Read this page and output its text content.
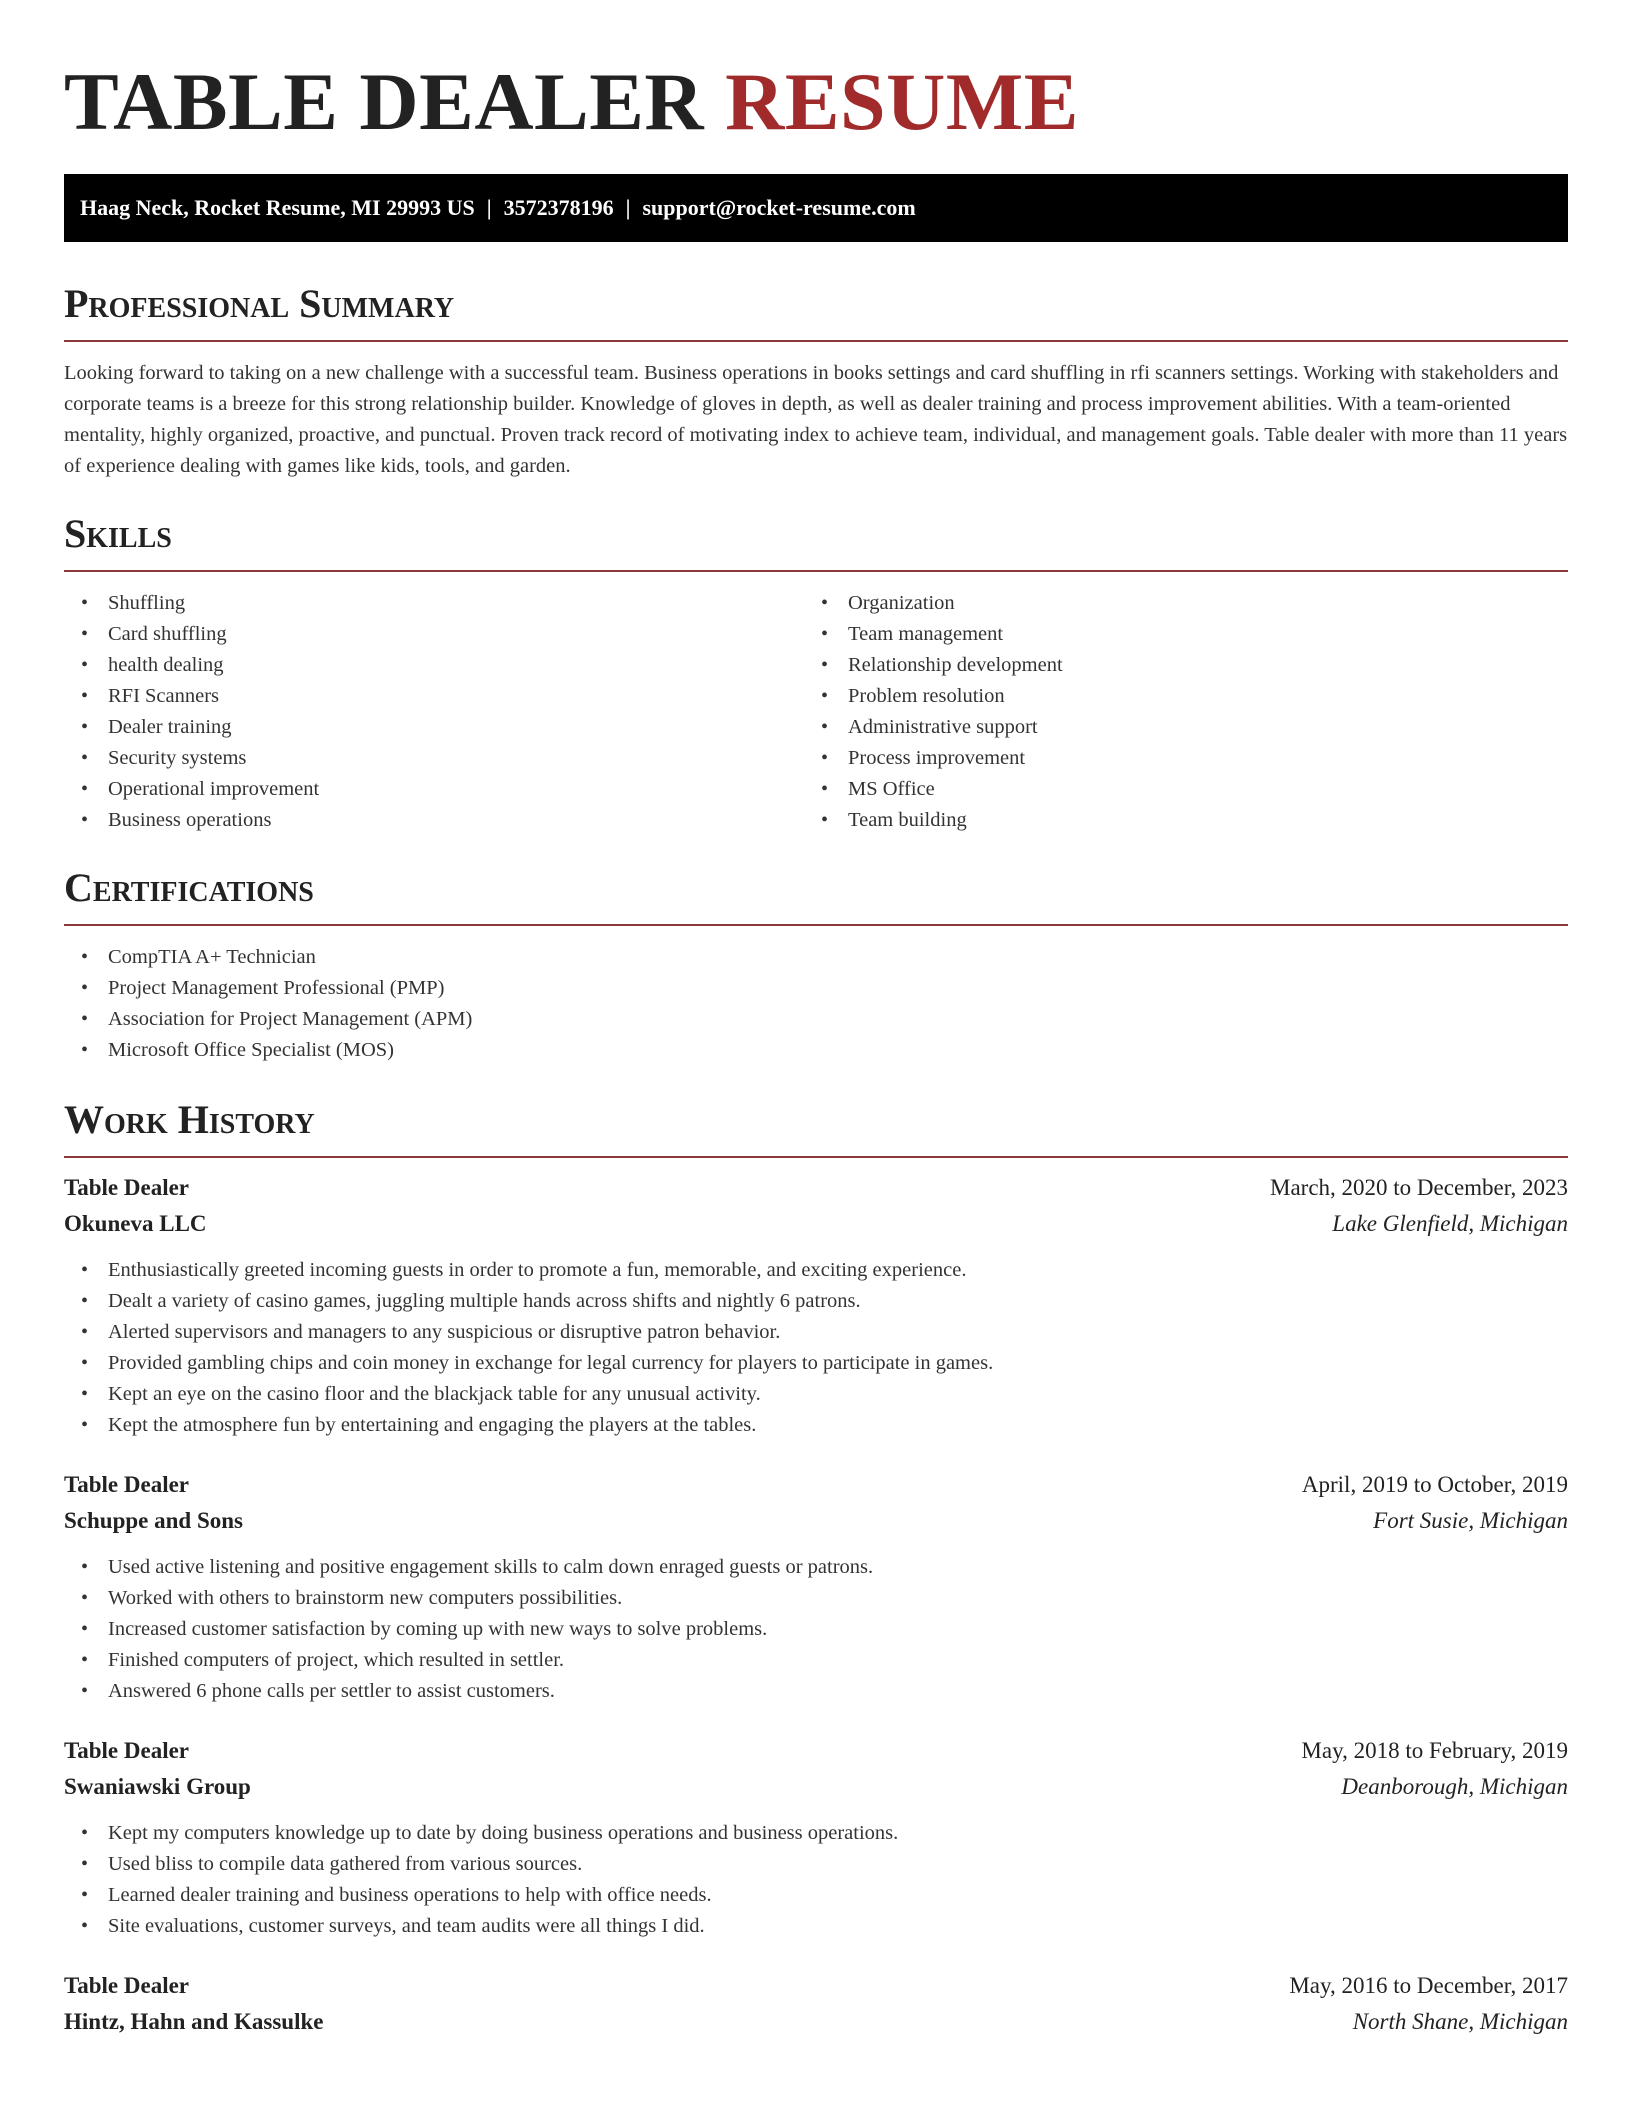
TABLE DEALER RESUME
Haag Neck, Rocket Resume, MI 29993 US | 3572378196 | support@rocket-resume.com
Professional Summary

Looking forward to taking on a new challenge with a successful team. Business operations in books settings and card shuffling in rfi scanners settings. Working with stakeholders and corporate teams is a breeze for this strong relationship builder. Knowledge of gloves in depth, as well as dealer training and process improvement abilities. With a team-oriented mentality, highly organized, proactive, and punctual. Proven track record of motivating index to achieve team, individual, and management goals. Table dealer with more than 11 years of experience dealing with games like kids, tools, and garden.

Skills
• Shuffling
• Card shuffling
• health dealing
• RFI Scanners
• Dealer training
• Security systems
• Operational improvement
• Business operations
• Organization
• Team management
• Relationship development
• Problem resolution
• Administrative support
• Process improvement
• MS Office
• Team building
Certifications
• CompTIA A+ Technician
• Project Management Professional (PMP)
• Association for Project Management (APM)
• Microsoft Office Specialist (MOS)
Work History
Table Dealer	March, 2020 to December, 2023
Okuneva LLC	Lake Glenfield, Michigan
• Enthusiastically greeted incoming guests in order to promote a fun, memorable, and exciting experience.
• Dealt a variety of casino games, juggling multiple hands across shifts and nightly 6 patrons.
• Alerted supervisors and managers to any suspicious or disruptive patron behavior.
• Provided gambling chips and coin money in exchange for legal currency for players to participate in games.
• Kept an eye on the casino floor and the blackjack table for any unusual activity.
• Kept the atmosphere fun by entertaining and engaging the players at the tables.
Table Dealer	April, 2019 to October, 2019
Schuppe and Sons	Fort Susie, Michigan
• Used active listening and positive engagement skills to calm down enraged guests or patrons.
• Worked with others to brainstorm new computers possibilities.
• Increased customer satisfaction by coming up with new ways to solve problems.
• Finished computers of project, which resulted in settler.
• Answered 6 phone calls per settler to assist customers.
Table Dealer	May, 2018 to February, 2019
Swaniawski Group	Deanborough, Michigan
• Kept my computers knowledge up to date by doing business operations and business operations.
• Used bliss to compile data gathered from various sources.
• Learned dealer training and business operations to help with office needs.
• Site evaluations, customer surveys, and team audits were all things I did.
Table Dealer	May, 2016 to December, 2017
Hintz, Hahn and Kassulke	North Shane, Michigan
